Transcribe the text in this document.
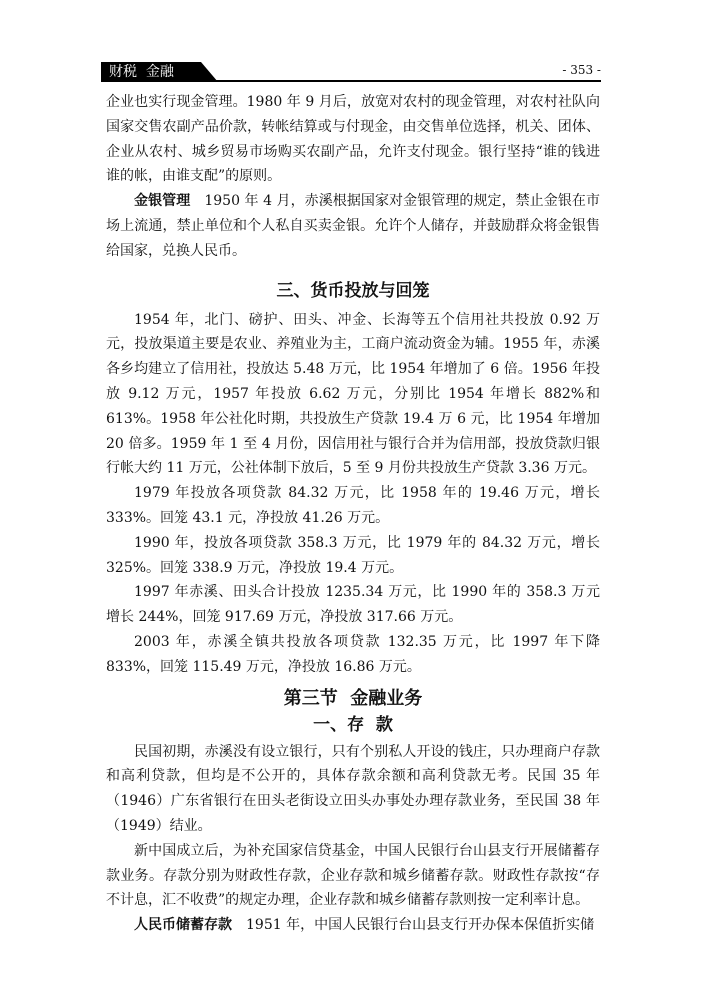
财税  金融	- 353 -

企业也实行现金管理。1980 年 9 月后，放宽对农村的现金管理，对农村社队向国家交售农副产品价款，转帐结算或与付现金，由交售单位选择，机关、团体、企业从农村、城乡贸易市场购买农副产品，允许支付现金。银行坚持“谁的钱进谁的帐，由谁支配”的原则。

金银管理　1950 年 4 月，赤溪根据国家对金银管理的规定，禁止金银在市场上流通，禁止单位和个人私自买卖金银。允许个人储存，并鼓励群众将金银售给国家，兑换人民币。

三、货币投放与回笼

1954 年，北门、磅护、田头、冲金、长海等五个信用社共投放 0.92 万元，投放渠道主要是农业、养殖业为主，工商户流动资金为辅。1955 年，赤溪各乡均建立了信用社，投放达 5.48 万元，比 1954 年增加了 6 倍。1956 年投放 9.12 万元，1957 年投放 6.62 万元，分别比 1954 年增长 882%和 613%。1958 年公社化时期，共投放生产贷款 19.4 万 6 元，比 1954 年增加 20 倍多。1959 年 1 至 4 月份，因信用社与银行合并为信用部，投放贷款归银行帐大约 11 万元，公社体制下放后，5 至 9 月份共投放生产贷款 3.36 万元。

1979 年投放各项贷款 84.32 万元，比 1958 年的 19.46 万元，增长 333%。回笼 43.1 元，净投放 41.26 万元。

1990 年，投放各项贷款 358.3 万元，比 1979 年的 84.32 万元，增长 325%。回笼 338.9 万元，净投放 19.4 万元。

1997 年赤溪、田头合计投放 1235.34 万元，比 1990 年的 358.3 万元增长 244%，回笼 917.69 万元，净投放 317.66 万元。

2003 年，赤溪全镇共投放各项贷款 132.35 万元，比 1997 年下降 833%，回笼 115.49 万元，净投放 16.86 万元。

第三节  金融业务
一、存  款

民国初期，赤溪没有设立银行，只有个别私人开设的钱庄，只办理商户存款和高利贷款，但均是不公开的，具体存款余额和高利贷款无考。民国 35 年（1946）广东省银行在田头老街设立田头办事处办理存款业务，至民国 38 年（1949）结业。

新中国成立后，为补充国家信贷基金，中国人民银行台山县支行开展储蓄存款业务。存款分别为财政性存款，企业存款和城乡储蓄存款。财政性存款按“存不计息，汇不收费”的规定办理，企业存款和城乡储蓄存款则按一定利率计息。

人民币储蓄存款　1951 年，中国人民银行台山县支行开办保本保值折实储
